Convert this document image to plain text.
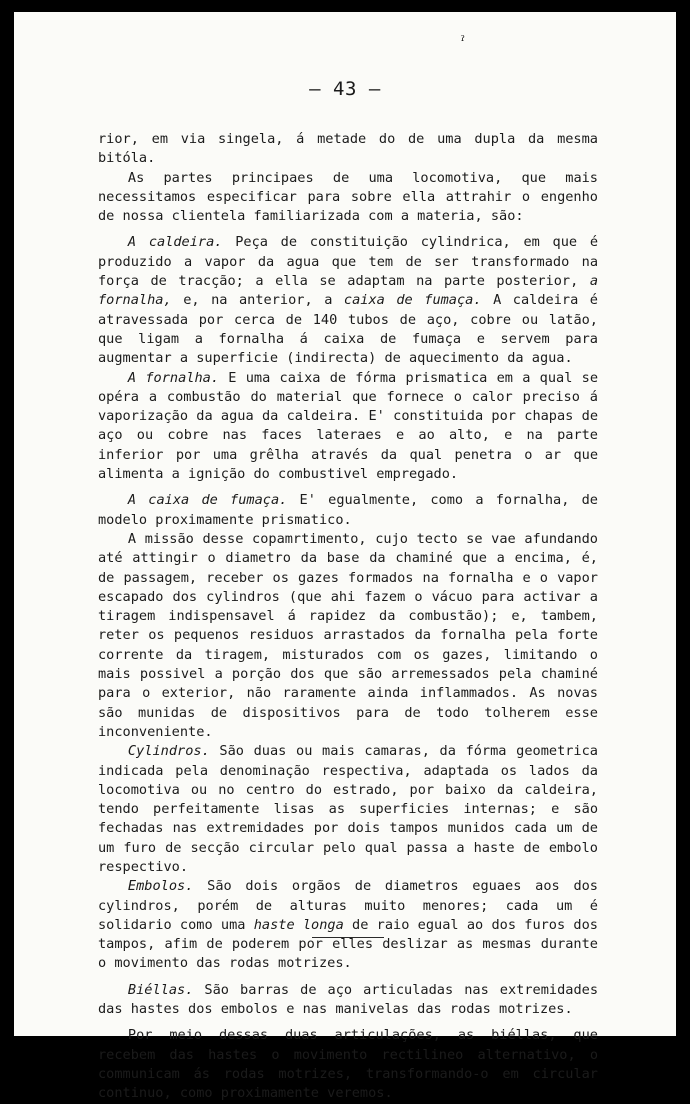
ˀ
— 43 —

rior, em via singela, á metade do de uma dupla da mesma bitóla.

As partes principaes de uma locomotiva, que mais necessitamos especificar para sobre ella attrahir o engenho de nossa clientela familiarizada com a materia, são:

A caldeira. Peça de constituição cylindrica, em que é produzido a vapor da agua que tem de ser transformado na força de tracção; a ella se adaptam na parte posterior, a fornalha, e, na anterior, a caixa de fumaça. A caldeira é atravessada por cerca de 140 tubos de aço, cobre ou latão, que ligam a fornalha á caixa de fumaça e servem para augmentar a superficie (indirecta) de aquecimento da agua.

A fornalha. E uma caixa de fórma prismatica em a qual se opéra a combustão do material que fornece o calor preciso á vaporização da agua da caldeira. E' constituida por chapas de aço ou cobre nas faces lateraes e ao alto, e na parte inferior por uma grêlha através da qual penetra o ar que alimenta a ignição do combustivel empregado.

A caixa de fumaça. E' egualmente, como a fornalha, de modelo proximamente prismatico.

A missão desse copamrtimento, cujo tecto se vae afundando até attingir o diametro da base da chaminé que a encima, é, de passagem, receber os gazes formados na fornalha e o vapor escapado dos cylindros (que ahi fazem o vácuo para activar a tiragem indispensavel á rapidez da combustão); e, tambem, reter os pequenos residuos arrastados da fornalha pela forte corrente da tiragem, misturados com os gazes, limitando o mais possivel a porção dos que são arremessados pela chaminé para o exterior, não raramente ainda inflammados. As novas são munidas de dispositivos para de todo tolherem esse inconveniente.

Cylindros. São duas ou mais camaras, da fórma geometrica indicada pela denominação respectiva, adaptada os lados da locomotiva ou no centro do estrado, por baixo da caldeira, tendo perfeitamente lisas as superficies internas; e são fechadas nas extremidades por dois tampos munidos cada um de um furo de secção circular pelo qual passa a haste de embolo respectivo.

Embolos. São dois orgãos de diametros eguaes aos dos cylindros, porém de alturas muito menores; cada um é solidario como uma haste longa de raio egual ao dos furos dos tampos, afim de poderem por elles deslizar as mesmas durante o movimento das rodas motrizes.

Biéllas. São barras de aço articuladas nas extremidades das hastes dos embolos e nas manivelas das rodas motrizes.

Por meio dessas duas articulações, as biéllas, que recebem das hastes o movimento rectilineo alternativo, o communicam ás rodas motrizes, transformando-o em circular continuo, como proximamente veremos.
